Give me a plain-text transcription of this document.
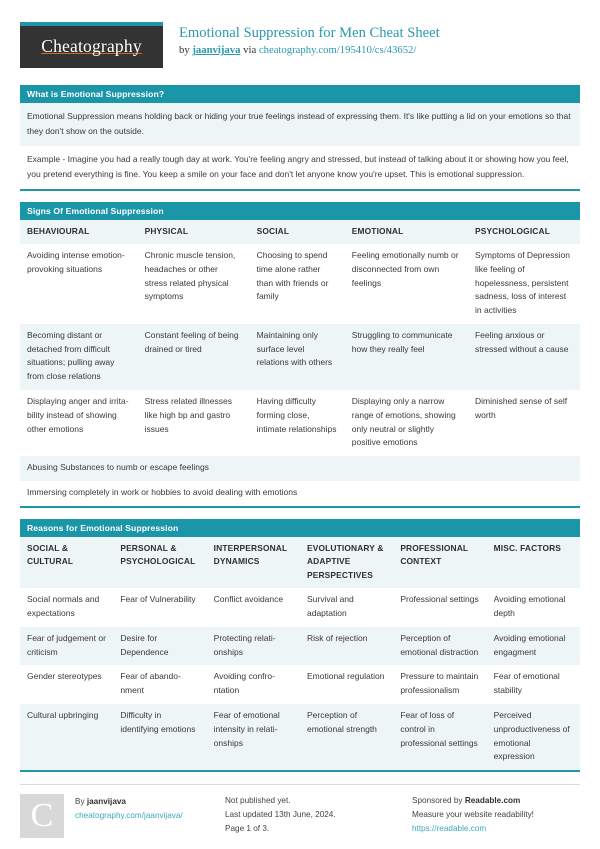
Cheatography
Emotional Suppression for Men Cheat Sheet
by jaanvijava via cheatography.com/195410/cs/43652/
What is Emotional Suppression?
Emotional Suppression means holding back or hiding your true feelings instead of expressing them. It's like putting a lid on your emotions so that they don't show on the outside.
Example - Imagine you had a really tough day at work. You're feeling angry and stressed, but instead of talking about it or showing how you feel, you pretend everything is fine. You keep a smile on your face and don't let anyone know you're upset. This is emotional suppression.
Signs Of Emotional Suppression
BEHAVIOURAL	PHYSICAL	SOCIAL	EMOTIONAL	PSYCHOLOGICAL
Avoiding intense emotion-provoking situations	Chronic muscle tension, headaches or other stress related physical symptoms	Choosing to spend time alone rather than with friends or family	Feeling emotionally numb or disconnected from own feelings	Symptoms of Depression like feeling of hopelessness, persistent sadness, loss of interest in activities
Becoming distant or detached from difficult situations; pulling away from close relations	Constant feeling of being drained or tired	Maintaining only surface level relations with others	Struggling to communicate how they really feel	Feeling anxious or stressed without a cause
Displaying anger and irritability instead of showing other emotions	Stress related illnesses like high bp and gastro issues	Having difficulty forming close, intimate relationships	Displaying only a narrow range of emotions, showing only neutral or slightly positive emotions	Diminished sense of self worth
Abusing Substances to numb or escape feelings				
Immersing completely in work or hobbies to avoid dealing with emotions				
Reasons for Emotional Suppression
SOCIAL & CULTURAL	PERSONAL & PSYCHOLOGICAL	INTERPERSONAL DYNAMICS	EVOLUTIONARY & ADAPTIVE PERSPECTIVES	PROFESSIONAL CONTEXT	MISC. FACTORS
Social normals and expectations	Fear of Vulnerability	Conflict avoidance	Survival and adaptation	Professional settings	Avoiding emotional depth
Fear of judgement or criticism	Desire for Dependence	Protecting relationships	Risk of rejection	Perception of emotional distraction	Avoiding emotional engagment
Gender stereotypes	Fear of abandonment	Avoiding confrontation	Emotional regulation	Pressure to maintain professionalism	Fear of emotional stability
Cultural upbringing	Difficulty in identifying emotions	Fear of emotional intensity in relationships	Perception of emotional strength	Fear of loss of control in professional settings	Perceived unproductiveness of emotional expression
C	By jaanvijava
cheatography.com/jaanvijava/
Not published yet.
Last updated 13th June, 2024.
Page 1 of 3.
Sponsored by Readable.com
Measure your website readability!
https://readable.com
